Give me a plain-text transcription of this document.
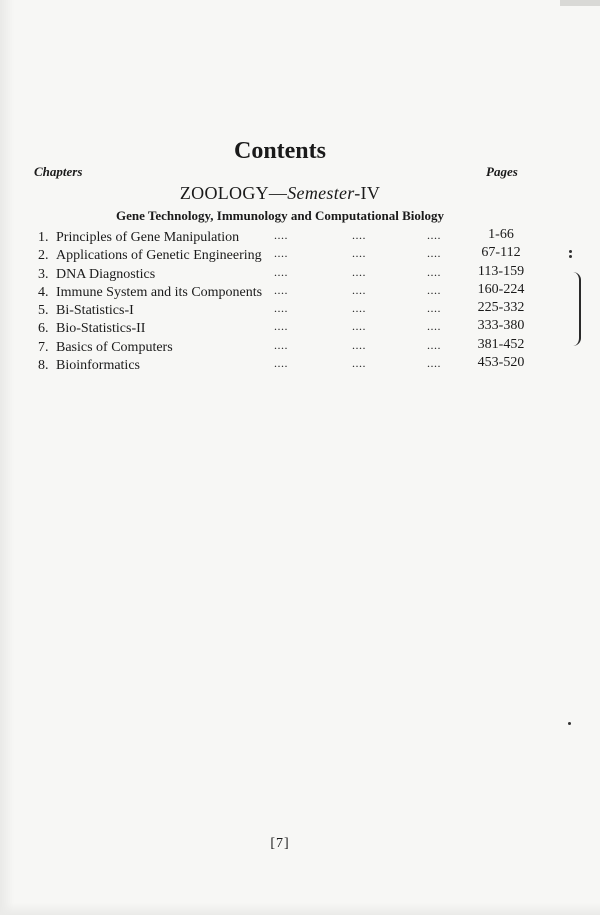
Contents
Chapters	Pages
ZOOLOGY—Semester-IV
Gene Technology, Immunology and Computational Biology
1. Principles of Gene Manipulation	....	....	....	1-66
2. Applications of Genetic Engineering ....	....	....	67-112
3. DNA Diagnostics	....	....	....	113-159
4. Immune System and its Components ....	....	....	160-224
5. Bi-Statistics-I	....	....	....	225-332
6. Bio-Statistics-II	....	....	....	333-380
7. Basics of Computers	....	....	....	381-452
8. Bioinformatics	....	....	....	453-520
[7]
